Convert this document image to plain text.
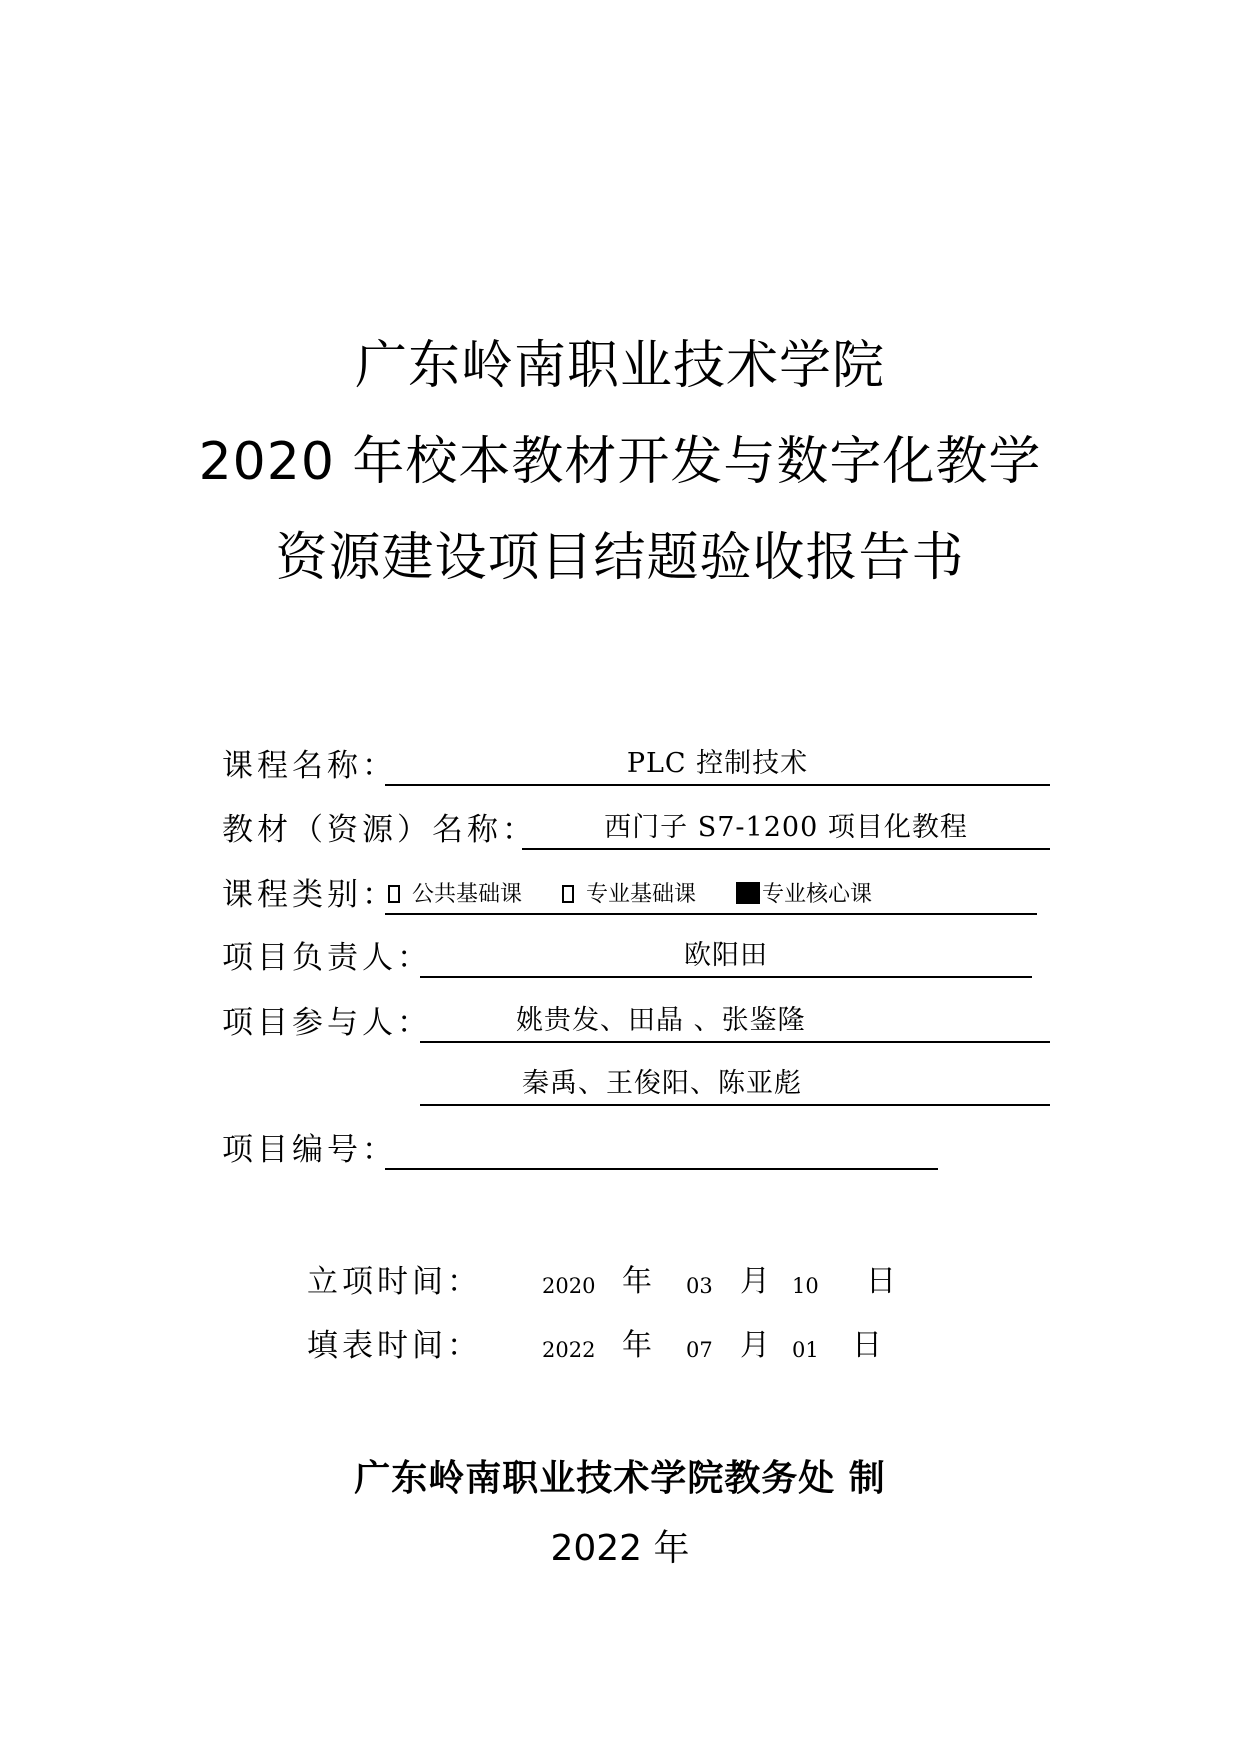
广东岭南职业技术学院
2020 年校本教材开发与数字化教学
资源建设项目结题验收报告书
课程名称：	PLC 控制技术
教材（资源）名称：	西门子 S7-1200 项目化教程
课程类别： 公共基础课	专业基础课	专业核心课
项目负责人：	欧阳田
项目参与人：	姚贵发、田晶 、张鉴隆
秦禹、王俊阳、陈亚彪
项目编号：
立项时间：	2020 年 03 月 10 日
填表时间：	2022 年 07 月 01 日
广东岭南职业技术学院教务处 制
2022 年
